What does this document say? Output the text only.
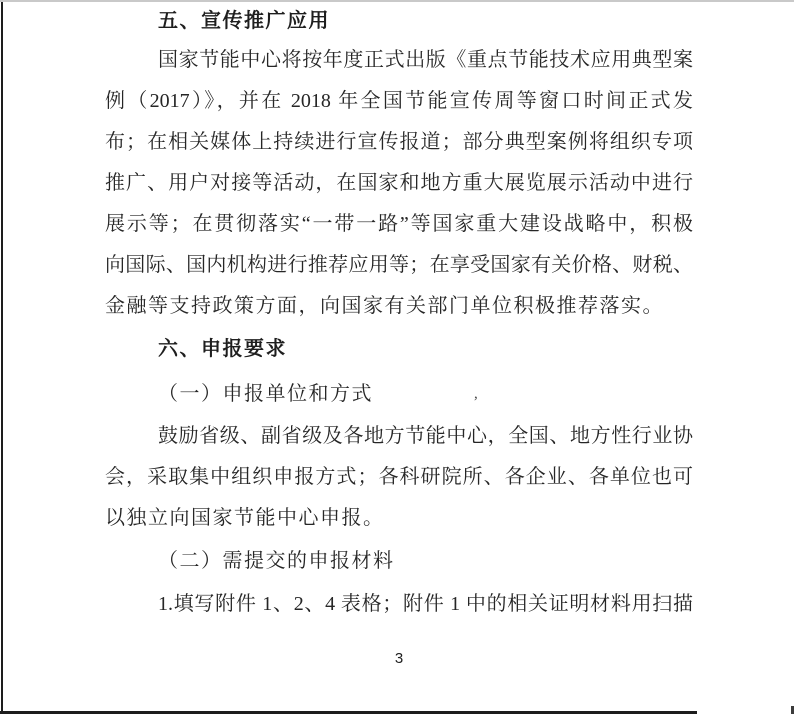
五、宣传推广应用
国家节能中心将按年度正式出版《重点节能技术应用典型案
例（2017）》，并在 2018 年全国节能宣传周等窗口时间正式发
布；在相关媒体上持续进行宣传报道；部分典型案例将组织专项
推广、用户对接等活动，在国家和地方重大展览展示活动中进行
展示等；在贯彻落实“一带一路”等国家重大建设战略中，积极
向国际、国内机构进行推荐应用等；在享受国家有关价格、财税、
金融等支持政策方面，向国家有关部门单位积极推荐落实。
六、申报要求
（一）申报单位和方式	,
鼓励省级、副省级及各地方节能中心，全国、地方性行业协
会，采取集中组织申报方式；各科研院所、各企业、各单位也可
以独立向国家节能中心申报。
（二）需提交的申报材料
1.填写附件 1、2、4 表格；附件 1 中的相关证明材料用扫描
3
